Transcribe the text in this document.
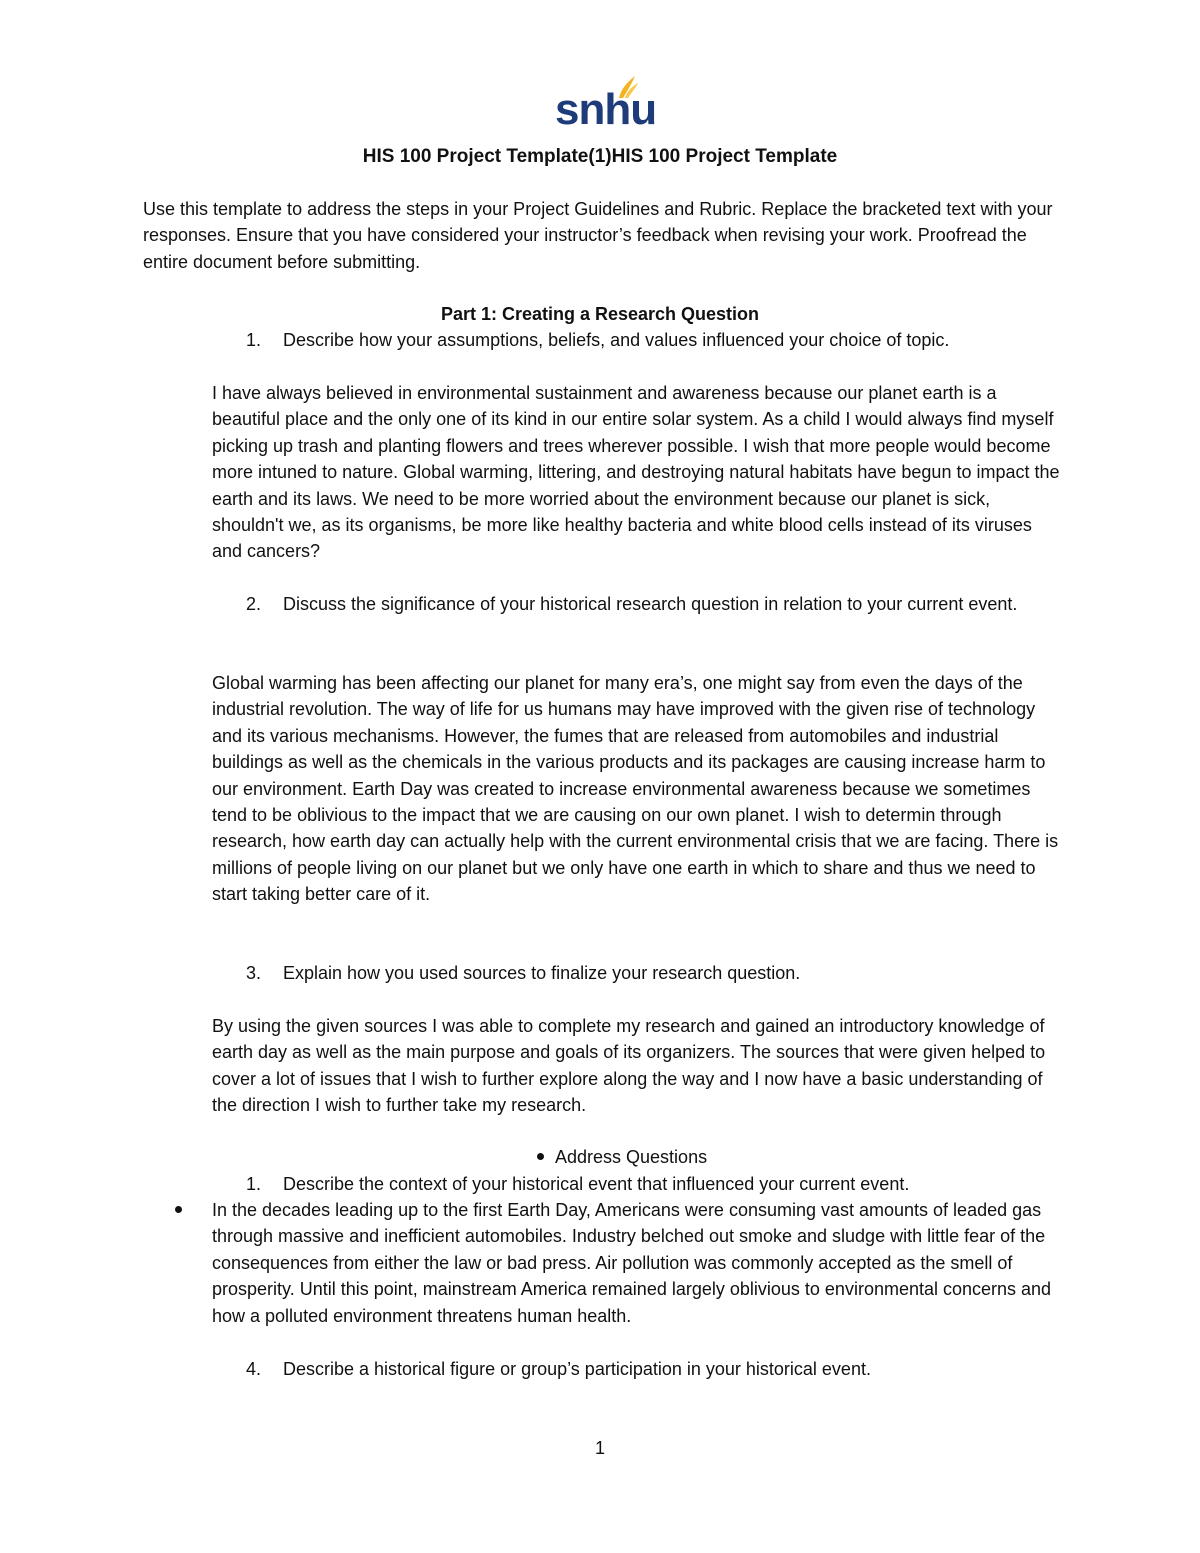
snhu
HIS 100 Project Template(1)HIS 100 Project Template
Use this template to address the steps in your Project Guidelines and Rubric. Replace the bracketed text with your responses. Ensure that you have considered your instructor’s feedback when revising your work. Proofread the entire document before submitting.
Part 1: Creating a Research Question
1. Describe how your assumptions, beliefs, and values influenced your choice of topic.
I have always believed in environmental sustainment and awareness because our planet earth is a beautiful place and the only one of its kind in our entire solar system. As a child I would always find myself picking up trash and planting flowers and trees wherever possible. I wish that more people would become more intuned to nature. Global warming, littering, and destroying natural habitats have begun to impact the earth and its laws. We need to be more worried about the environment because our planet is sick, shouldn't we, as its organisms, be more like healthy bacteria and white blood cells instead of its viruses and cancers?
2. Discuss the significance of your historical research question in relation to your current event.
Global warming has been affecting our planet for many era’s, one might say from even the days of the industrial revolution. The way of life for us humans may have improved with the given rise of technology and its various mechanisms. However, the fumes that are released from automobiles and industrial buildings as well as the chemicals in the various products and its packages are causing increase harm to our environment. Earth Day was created to increase environmental awareness because we sometimes tend to be oblivious to the impact that we are causing on our own planet. I wish to determin through research, how earth day can actually help with the current environmental crisis that we are facing. There is millions of people living on our planet but we only have one earth in which to share and thus we need to start taking better care of it.
3. Explain how you used sources to finalize your research question.
By using the given sources I was able to complete my research and gained an introductory knowledge of earth day as well as the main purpose and goals of its organizers. The sources that were given helped to cover a lot of issues that I wish to further explore along the way and I now have a basic understanding of the direction I wish to further take my research.
Address Questions
1. Describe the context of your historical event that influenced your current event.
In the decades leading up to the first Earth Day, Americans were consuming vast amounts of leaded gas through massive and inefficient automobiles. Industry belched out smoke and sludge with little fear of the consequences from either the law or bad press. Air pollution was commonly accepted as the smell of prosperity. Until this point, mainstream America remained largely oblivious to environmental concerns and how a polluted environment threatens human health.
4. Describe a historical figure or group’s participation in your historical event.
1
